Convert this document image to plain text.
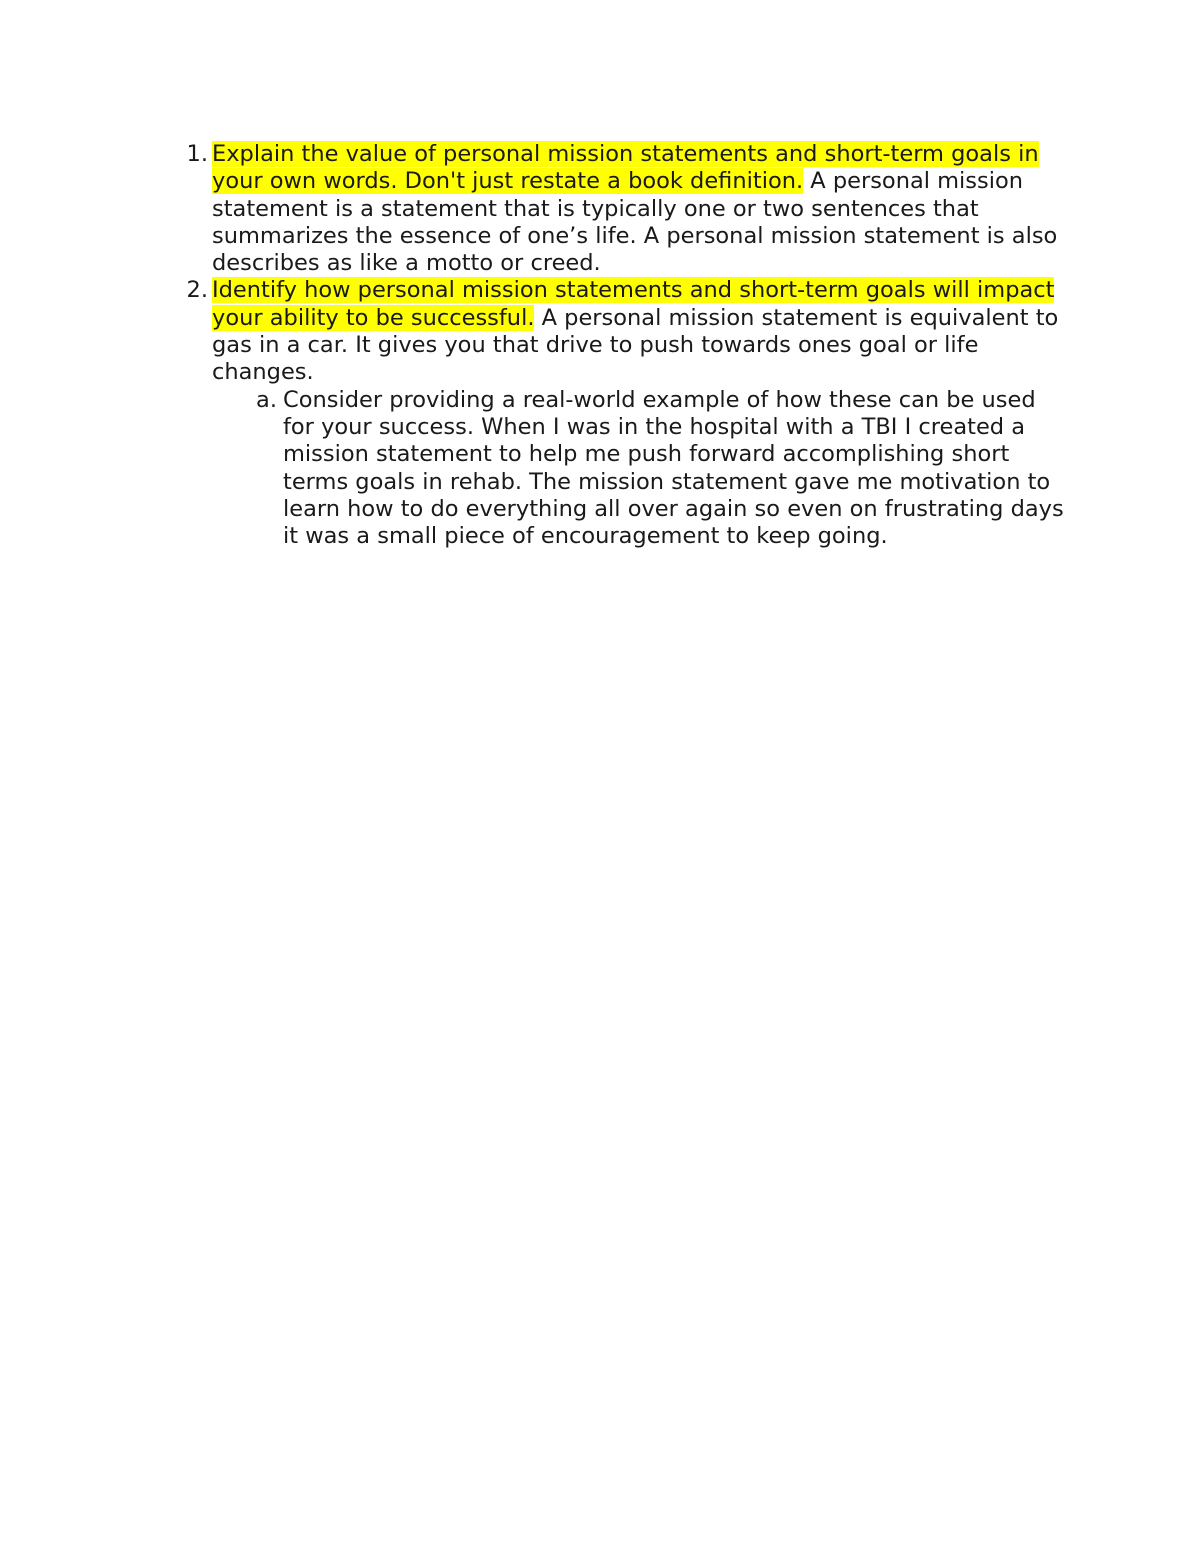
1. Explain the value of personal mission statements and short-term goals in your own words. Don't just restate a book definition. A personal mission statement is a statement that is typically one or two sentences that summarizes the essence of one’s life. A personal mission statement is also describes as like a motto or creed.
2. Identify how personal mission statements and short-term goals will impact your ability to be successful. A personal mission statement is equivalent to gas in a car. It gives you that drive to push towards ones goal or life changes.
a. Consider providing a real-world example of how these can be used for your success. When I was in the hospital with a TBI I created a mission statement to help me push forward accomplishing short terms goals in rehab. The mission statement gave me motivation to learn how to do everything all over again so even on frustrating days it was a small piece of encouragement to keep going.
